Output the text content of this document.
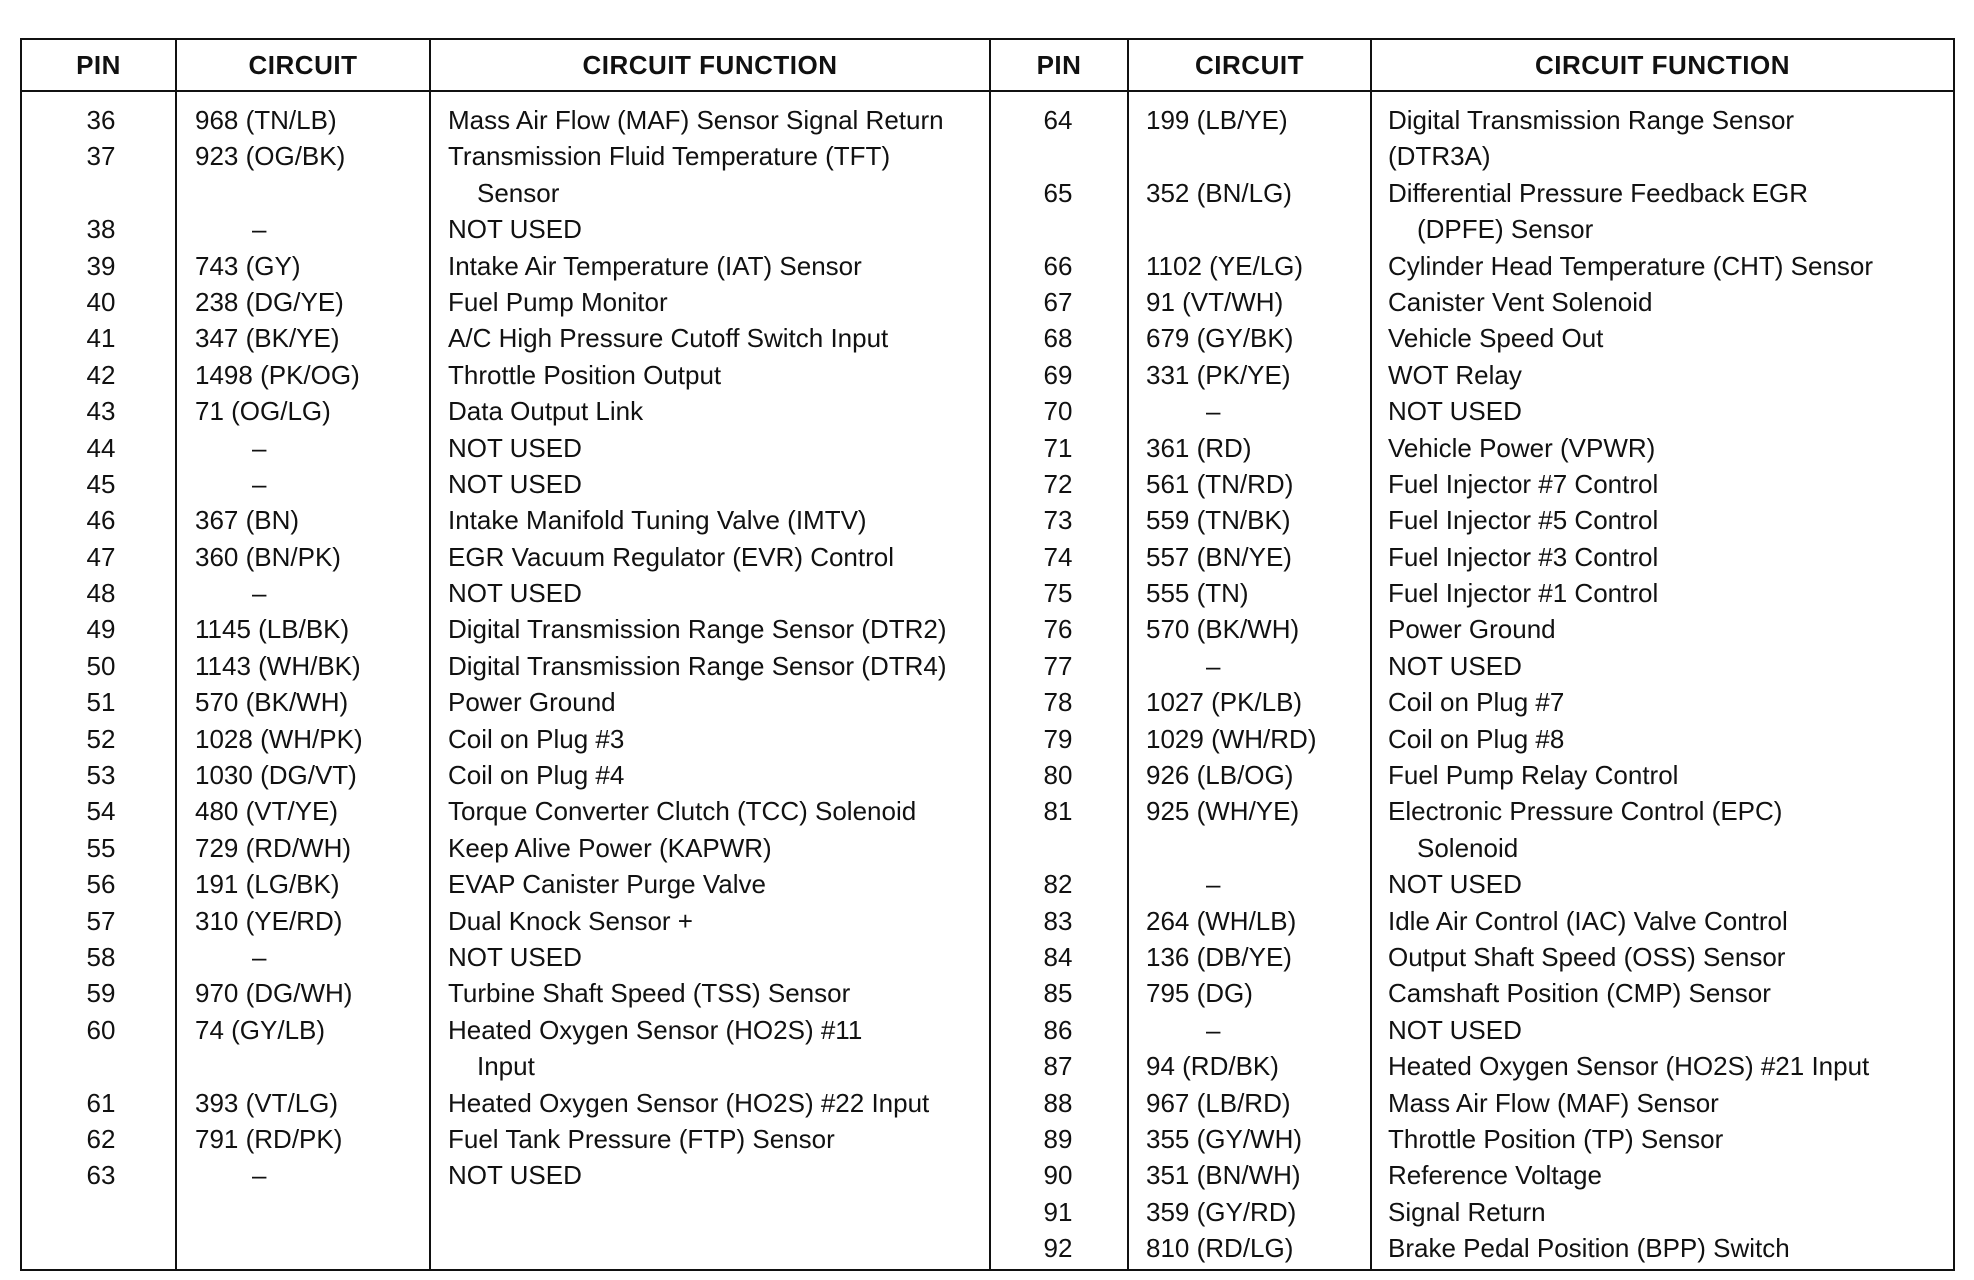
PIN	CIRCUIT	CIRCUIT FUNCTION	PIN	CIRCUIT	CIRCUIT FUNCTION
36	968 (TN/LB)	Mass Air Flow (MAF) Sensor Signal Return
37	923 (OG/BK)	Transmission Fluid Temperature (TFT)
Sensor
38	–	NOT USED
39	743 (GY)	Intake Air Temperature (IAT) Sensor
40	238 (DG/YE)	Fuel Pump Monitor
41	347 (BK/YE)	A/C High Pressure Cutoff Switch Input
42	1498 (PK/OG)	Throttle Position Output
43	71 (OG/LG)	Data Output Link
44	–	NOT USED
45	–	NOT USED
46	367 (BN)	Intake Manifold Tuning Valve (IMTV)
47	360 (BN/PK)	EGR Vacuum Regulator (EVR) Control
48	–	NOT USED
49	1145 (LB/BK)	Digital Transmission Range Sensor (DTR2)
50	1143 (WH/BK)	Digital Transmission Range Sensor (DTR4)
51	570 (BK/WH)	Power Ground
52	1028 (WH/PK)	Coil on Plug #3
53	1030 (DG/VT)	Coil on Plug #4
54	480 (VT/YE)	Torque Converter Clutch (TCC) Solenoid
55	729 (RD/WH)	Keep Alive Power (KAPWR)
56	191 (LG/BK)	EVAP Canister Purge Valve
57	310 (YE/RD)	Dual Knock Sensor +
58	–	NOT USED
59	970 (DG/WH)	Turbine Shaft Speed (TSS) Sensor
60	74 (GY/LB)	Heated Oxygen Sensor (HO2S) #11
Input
61	393 (VT/LG)	Heated Oxygen Sensor (HO2S) #22 Input
62	791 (RD/PK)	Fuel Tank Pressure (FTP) Sensor
63	–	NOT USED
64	199 (LB/YE)	Digital Transmission Range Sensor
(DTR3A)
65	352 (BN/LG)	Differential Pressure Feedback EGR
(DPFE) Sensor
66	1102 (YE/LG)	Cylinder Head Temperature (CHT) Sensor
67	91 (VT/WH)	Canister Vent Solenoid
68	679 (GY/BK)	Vehicle Speed Out
69	331 (PK/YE)	WOT Relay
70	–	NOT USED
71	361 (RD)	Vehicle Power (VPWR)
72	561 (TN/RD)	Fuel Injector #7 Control
73	559 (TN/BK)	Fuel Injector #5 Control
74	557 (BN/YE)	Fuel Injector #3 Control
75	555 (TN)	Fuel Injector #1 Control
76	570 (BK/WH)	Power Ground
77	–	NOT USED
78	1027 (PK/LB)	Coil on Plug #7
79	1029 (WH/RD)	Coil on Plug #8
80	926 (LB/OG)	Fuel Pump Relay Control
81	925 (WH/YE)	Electronic Pressure Control (EPC)
Solenoid
82	–	NOT USED
83	264 (WH/LB)	Idle Air Control (IAC) Valve Control
84	136 (DB/YE)	Output Shaft Speed (OSS) Sensor
85	795 (DG)	Camshaft Position (CMP) Sensor
86	–	NOT USED
87	94 (RD/BK)	Heated Oxygen Sensor (HO2S) #21 Input
88	967 (LB/RD)	Mass Air Flow (MAF) Sensor
89	355 (GY/WH)	Throttle Position (TP) Sensor
90	351 (BN/WH)	Reference Voltage
91	359 (GY/RD)	Signal Return
92	810 (RD/LG)	Brake Pedal Position (BPP) Switch
